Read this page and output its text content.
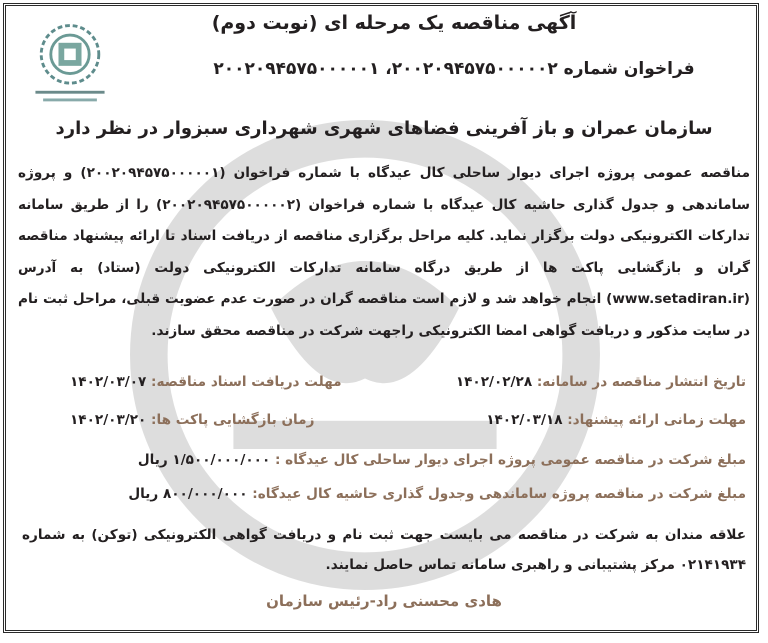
آگهی مناقصه یک مرحله ای (نوبت دوم)
فراخوان شماره ۲۰۰۲۰۹۴۵۷۵۰۰۰۰۰۲، ۲۰۰۲۰۹۴۵۷۵۰۰۰۰۰۱
سازمان عمران و باز آفرینی فضاهای شهری شهرداری سبزوار در نظر دارد
مناقصه عمومی پروژه اجرای دیوار ساحلی کال عیدگاه با شماره فراخوان (۲۰۰۲۰۹۴۵۷۵۰۰۰۰۰۱) و پروژه ساماندهی و جدول گذاری حاشیه کال عیدگاه با شماره فراخوان (۲۰۰۲۰۹۴۵۷۵۰۰۰۰۰۲) را از طریق سامانه تدارکات الکترونیکی دولت برگزار نماید. کلیه مراحل برگزاری مناقصه از دریافت اسناد تا ارائه پیشنهاد مناقصه گران و بازگشایی پاکت ها از طریق درگاه سامانه تدارکات الکترونیکی دولت (ستاد) به آدرس (www.setadiran.ir) انجام خواهد شد و لازم است مناقصه گران در صورت عدم عضویت قبلی، مراحل ثبت نام در سایت مذکور و دریافت گواهی امضا الکترونیکی راجهت شرکت در مناقصه محقق سازند.
تاریخ انتشار مناقصه در سامانه: ۱۴۰۲/۰۲/۲۸
مهلت دریافت اسناد مناقصه: ۱۴۰۲/۰۳/۰۷
مهلت زمانی ارائه پیشنهاد: ۱۴۰۲/۰۳/۱۸
زمان بازگشایی پاکت ها: ۱۴۰۲/۰۳/۲۰
مبلغ شرکت در مناقصه عمومی پروژه اجرای دیوار ساحلی کال عیدگاه : ۱/۵۰۰/۰۰۰/۰۰۰ ریال
مبلغ شرکت در مناقصه پروژه ساماندهی وجدول گذاری حاشیه کال عیدگاه: ۸۰۰/۰۰۰/۰۰۰ ریال
علاقه مندان به شرکت در مناقصه می بایست جهت ثبت نام و دریافت گواهی الکترونیکی (توکن) به شماره ۰۲۱۴۱۹۳۴ مرکز پشتیبانی و راهبری سامانه تماس حاصل نمایند.
هادی محسنی راد-رئیس سازمان
